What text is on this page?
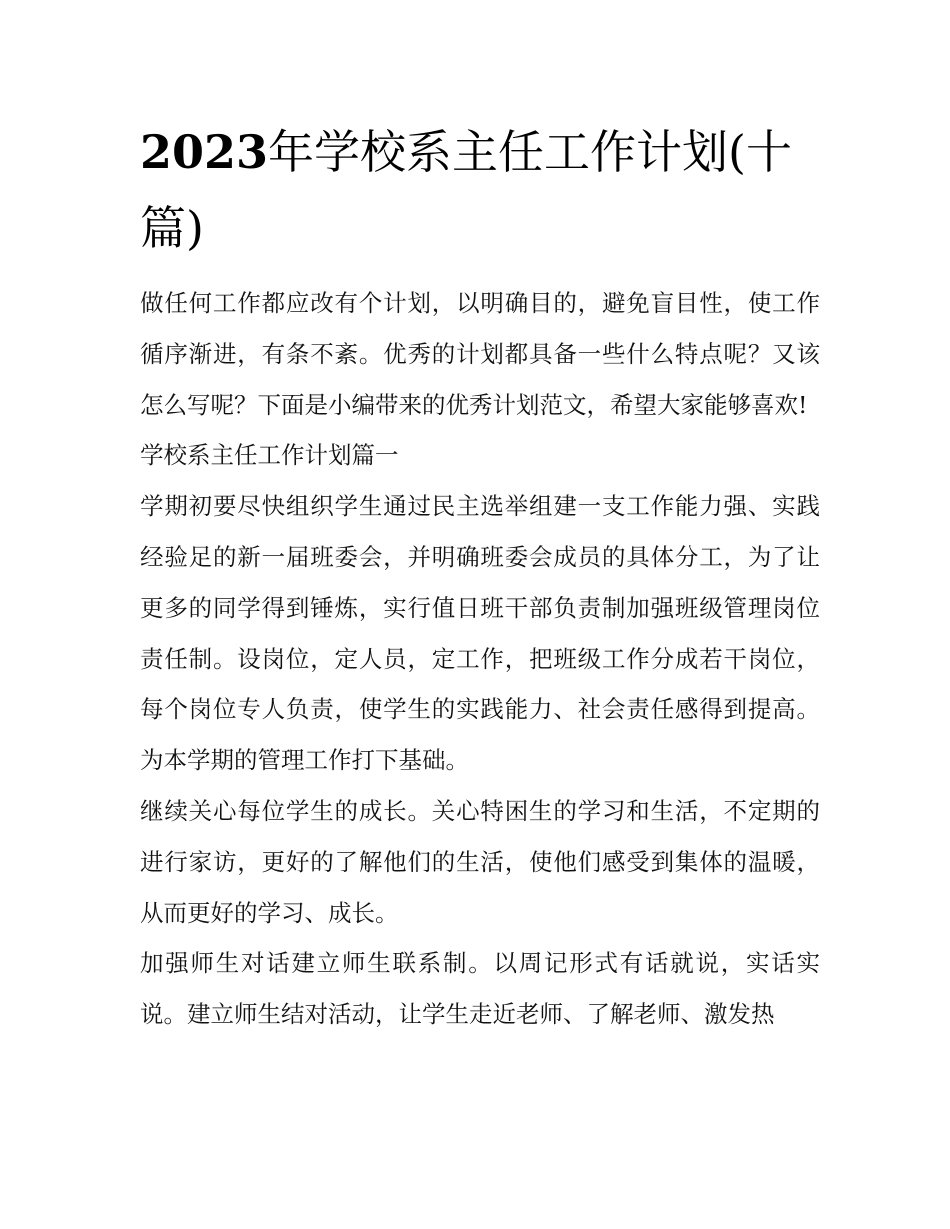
2023年学校系主任工作计划(十篇)

做任何工作都应改有个计划，以明确目的，避免盲目性，使工作循序渐进，有条不紊。优秀的计划都具备一些什么特点呢？又该怎么写呢？下面是小编带来的优秀计划范文，希望大家能够喜欢!

学校系主任工作计划篇一

学期初要尽快组织学生通过民主选举组建一支工作能力强、实践经验足的新一届班委会，并明确班委会成员的具体分工，为了让更多的同学得到锤炼，实行值日班干部负责制加强班级管理岗位责任制。设岗位，定人员，定工作，把班级工作分成若干岗位，每个岗位专人负责，使学生的实践能力、社会责任感得到提高。为本学期的管理工作打下基础。

继续关心每位学生的成长。关心特困生的学习和生活，不定期的进行家访，更好的了解他们的生活，使他们感受到集体的温暖，从而更好的学习、成长。

加强师生对话建立师生联系制。以周记形式有话就说，实话实说。建立师生结对活动，让学生走近老师、了解老师、激发热
